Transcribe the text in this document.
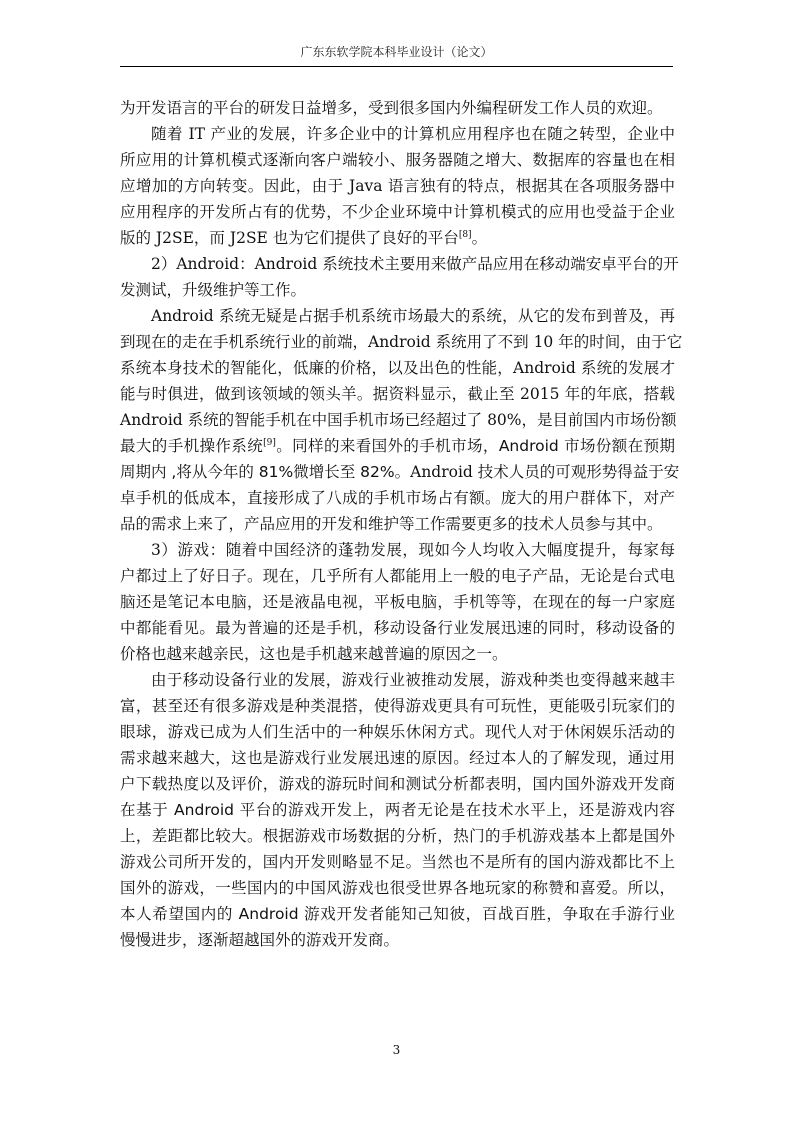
广东东软学院本科毕业设计（论文）
为开发语言的平台的研发日益增多，受到很多国内外编程研发工作人员的欢迎。
随着 IT 产业的发展，许多企业中的计算机应用程序也在随之转型，企业中
所应用的计算机模式逐渐向客户端较小、服务器随之增大、数据库的容量也在相
应增加的方向转变。因此，由于 Java 语言独有的特点，根据其在各项服务器中
应用程序的开发所占有的优势，不少企业环境中计算机模式的应用也受益于企业
版的 J2SE，而 J2SE 也为它们提供了良好的平台[8]。
2）Android：Android 系统技术主要用来做产品应用在移动端安卓平台的开
发测试，升级维护等工作。
Android 系统无疑是占据手机系统市场最大的系统，从它的发布到普及，再
到现在的走在手机系统行业的前端，Android 系统用了不到 10 年的时间，由于它
系统本身技术的智能化，低廉的价格，以及出色的性能，Android 系统的发展才
能与时俱进，做到该领域的领头羊。据资料显示，截止至 2015 年的年底，搭载
Android 系统的智能手机在中国手机市场已经超过了 80%，是目前国内市场份额
最大的手机操作系统[9]。同样的来看国外的手机市场，Android 市场份额在预期
周期内 ,将从今年的 81%微增长至 82%。Android 技术人员的可观形势得益于安
卓手机的低成本，直接形成了八成的手机市场占有额。庞大的用户群体下，对产
品的需求上来了，产品应用的开发和维护等工作需要更多的技术人员参与其中。
3）游戏：随着中国经济的蓬勃发展，现如今人均收入大幅度提升，每家每
户都过上了好日子。现在，几乎所有人都能用上一般的电子产品，无论是台式电
脑还是笔记本电脑，还是液晶电视，平板电脑，手机等等，在现在的每一户家庭
中都能看见。最为普遍的还是手机，移动设备行业发展迅速的同时，移动设备的
价格也越来越亲民，这也是手机越来越普遍的原因之一。
由于移动设备行业的发展，游戏行业被推动发展，游戏种类也变得越来越丰
富，甚至还有很多游戏是种类混搭，使得游戏更具有可玩性，更能吸引玩家们的
眼球，游戏已成为人们生活中的一种娱乐休闲方式。现代人对于休闲娱乐活动的
需求越来越大，这也是游戏行业发展迅速的原因。经过本人的了解发现，通过用
户下载热度以及评价，游戏的游玩时间和测试分析都表明，国内国外游戏开发商
在基于 Android 平台的游戏开发上，两者无论是在技术水平上，还是游戏内容
上，差距都比较大。根据游戏市场数据的分析，热门的手机游戏基本上都是国外
游戏公司所开发的，国内开发则略显不足。当然也不是所有的国内游戏都比不上
国外的游戏，一些国内的中国风游戏也很受世界各地玩家的称赞和喜爱。所以，
本人希望国内的 Android 游戏开发者能知己知彼，百战百胜，争取在手游行业
慢慢进步，逐渐超越国外的游戏开发商。
3
